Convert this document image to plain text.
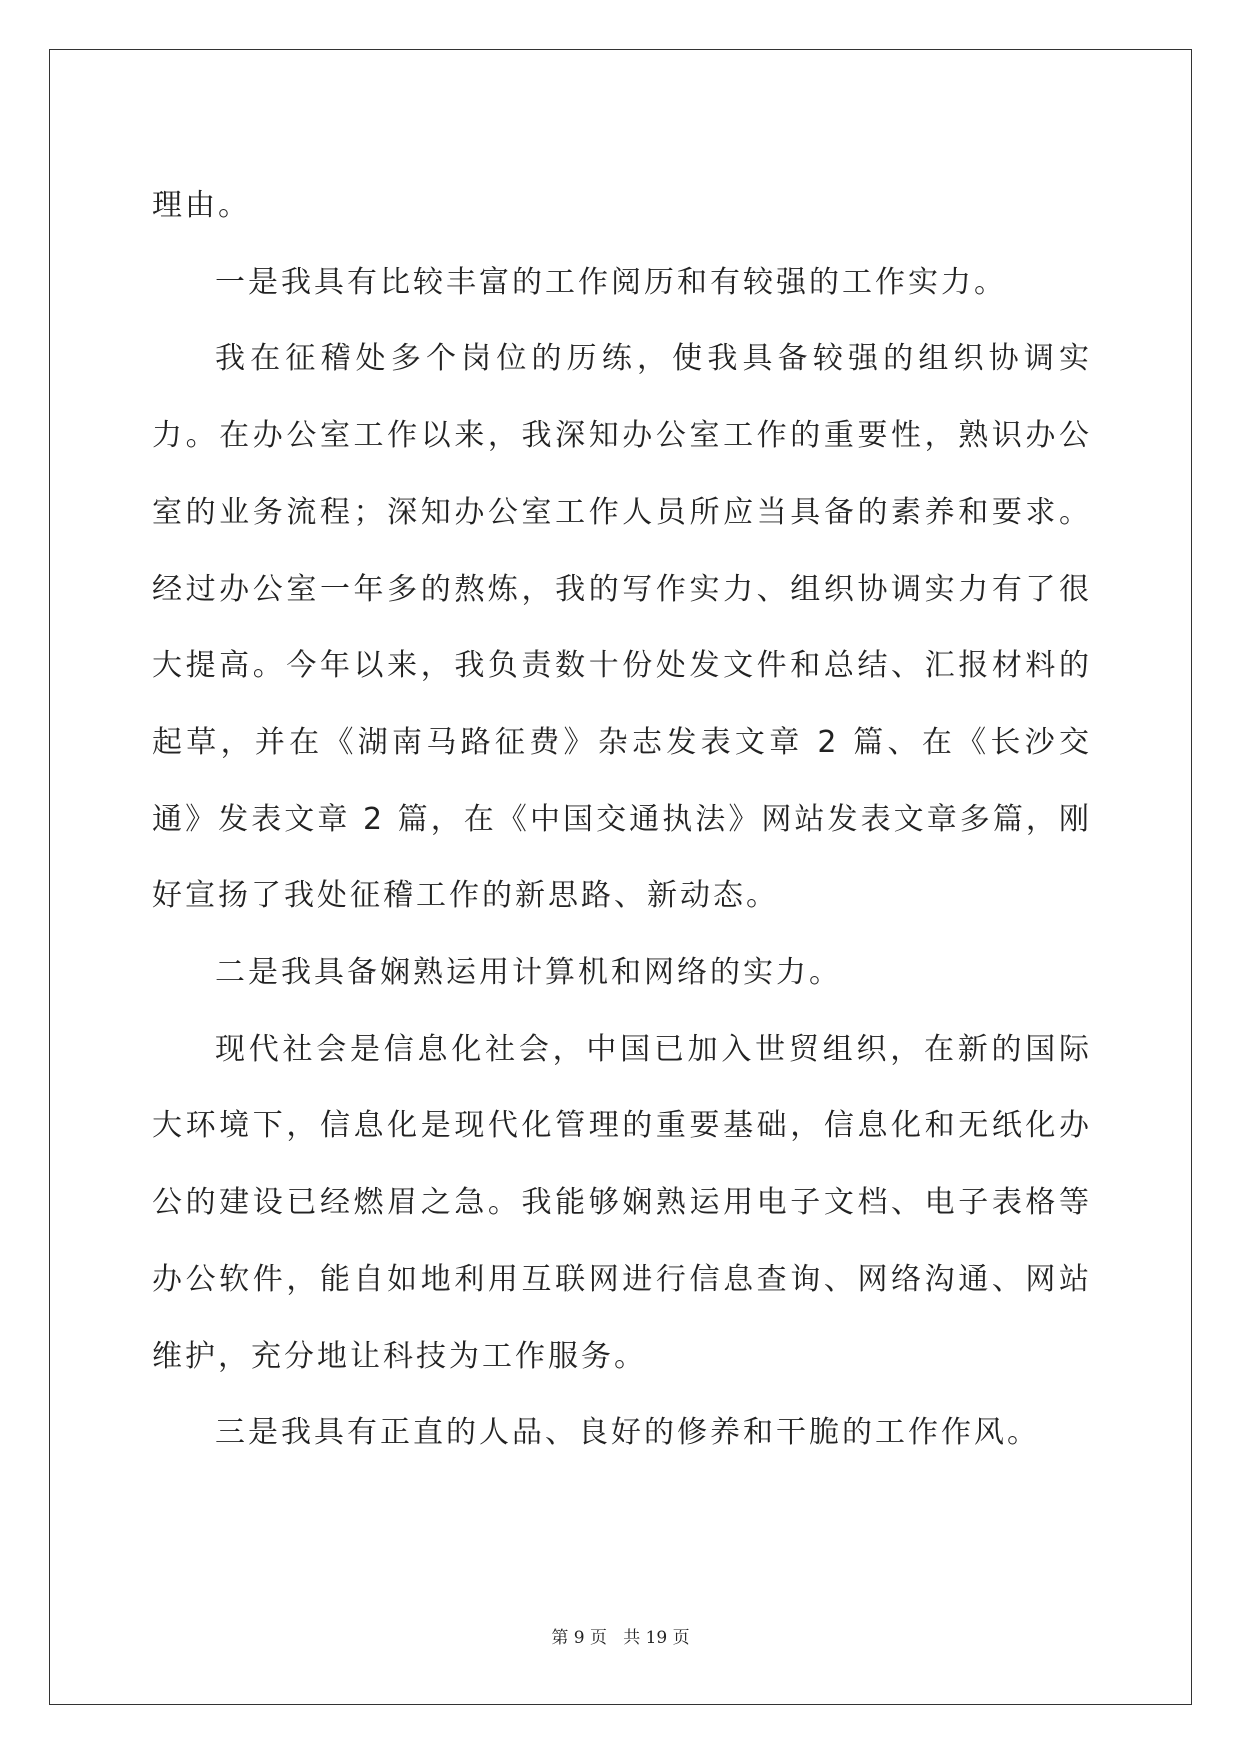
理由。

一是我具有比较丰富的工作阅历和有较强的工作实力。

我在征稽处多个岗位的历练，使我具备较强的组织协调实力。在办公室工作以来，我深知办公室工作的重要性，熟识办公室的业务流程；深知办公室工作人员所应当具备的素养和要求。经过办公室一年多的熬炼，我的写作实力、组织协调实力有了很大提高。今年以来，我负责数十份处发文件和总结、汇报材料的起草，并在《湖南马路征费》杂志发表文章 2 篇、在《长沙交通》发表文章 2 篇，在《中国交通执法》网站发表文章多篇，刚好宣扬了我处征稽工作的新思路、新动态。

二是我具备娴熟运用计算机和网络的实力。

现代社会是信息化社会，中国已加入世贸组织，在新的国际大环境下，信息化是现代化管理的重要基础，信息化和无纸化办公的建设已经燃眉之急。我能够娴熟运用电子文档、电子表格等办公软件，能自如地利用互联网进行信息查询、网络沟通、网站维护，充分地让科技为工作服务。

三是我具有正直的人品、良好的修养和干脆的工作作风。

第 9 页   共 19 页
